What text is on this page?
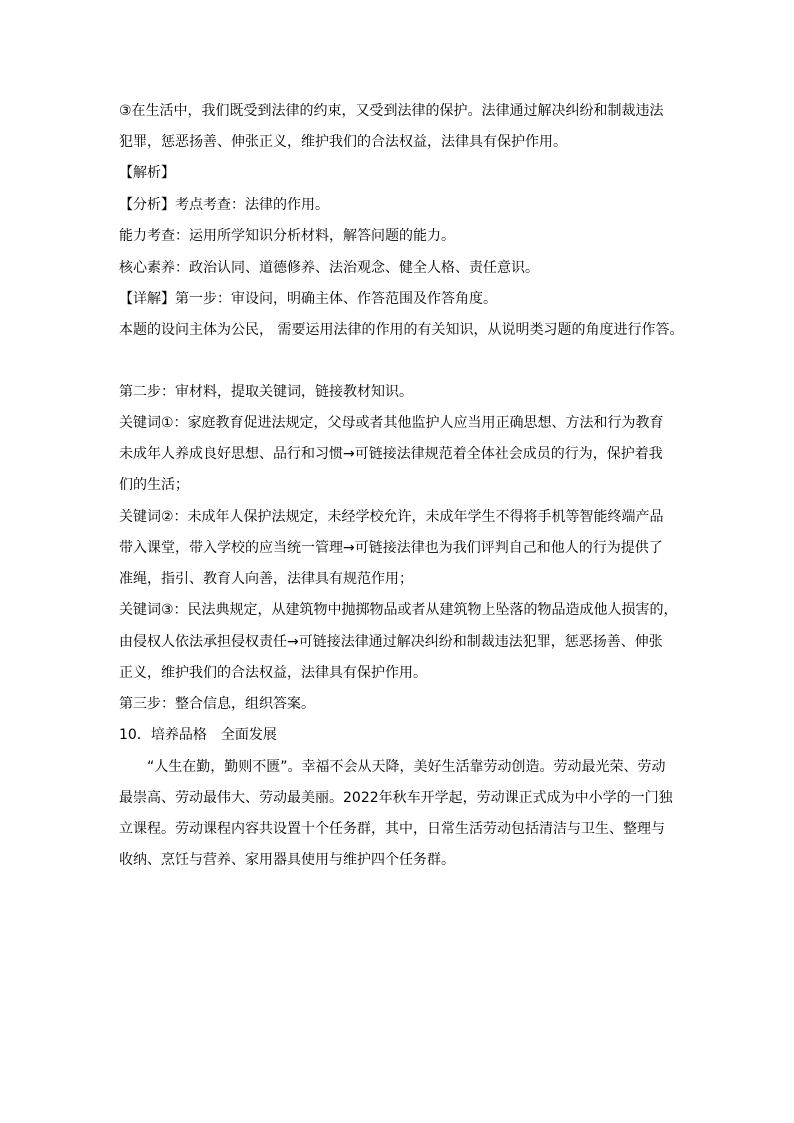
③在生活中，我们既受到法律的约束，又受到法律的保护。法律通过解决纠纷和制裁违法
犯罪，惩恶扬善、伸张正义，维护我们的合法权益，法律具有保护作用。
【解析】
【分析】考点考查：法律的作用。
能力考查：运用所学知识分析材料，解答问题的能力。
核心素养：政治认同、道德修养、法治观念、健全人格、责任意识。
【详解】第一步：审设问，明确主体、作答范围及作答角度。
本题的设问主体为公民， 需要运用法律的作用的有关知识，从说明类习题的角度进行作答。
第二步：审材料，提取关键词，链接教材知识。
关键词①：家庭教育促进法规定，父母或者其他监护人应当用正确思想、方法和行为教育
未成年人养成良好思想、品行和习惯→可链接法律规范着全体社会成员的行为，保护着我
们的生活；
关键词②：未成年人保护法规定，未经学校允许，未成年学生不得将手机等智能终端产品
带入课堂，带入学校的应当统一管理→可链接法律也为我们评判自己和他人的行为提供了
准绳，指引、教育人向善，法律具有规范作用；
关键词③：民法典规定，从建筑物中抛掷物品或者从建筑物上坠落的物品造成他人损害的，
由侵权人依法承担侵权责任→可链接法律通过解决纠纷和制裁违法犯罪，惩恶扬善、伸张
正义，维护我们的合法权益，法律具有保护作用。
第三步：整合信息，组织答案。
10．培养品格　全面发展
“人生在勤，勤则不匮”。幸福不会从天降，美好生活靠劳动创造。劳动最光荣、劳动
最崇高、劳动最伟大、劳动最美丽。2022年秋车开学起，劳动课正式成为中小学的一门独
立课程。劳动课程内容共设置十个任务群，其中，日常生活劳动包括清洁与卫生、整理与
收纳、烹饪与营养、家用器具使用与维护四个任务群。
